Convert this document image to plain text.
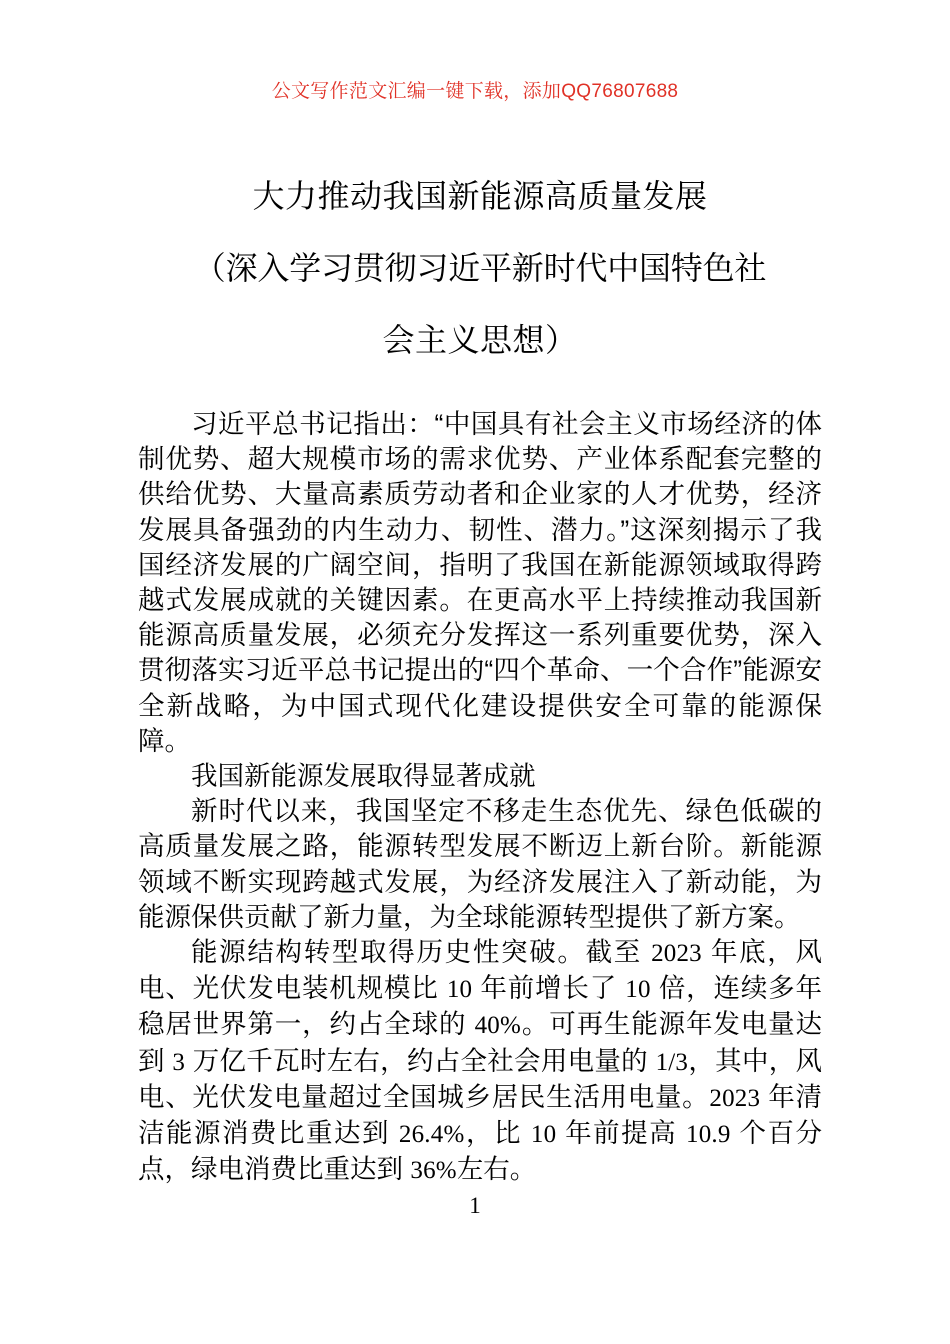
公文写作范文汇编一键下载，添加QQ76807688
大力推动我国新能源高质量发展
（深入学习贯彻习近平新时代中国特色社
会主义思想）

习近平总书记指出：“中国具有社会主义市场经济的体制优势、超大规模市场的需求优势、产业体系配套完整的供给优势、大量高素质劳动者和企业家的人才优势，经济发展具备强劲的内生动力、韧性、潜力。”这深刻揭示了我国经济发展的广阔空间，指明了我国在新能源领域取得跨越式发展成就的关键因素。在更高水平上持续推动我国新能源高质量发展，必须充分发挥这一系列重要优势，深入贯彻落实习近平总书记提出的“四个革命、一个合作”能源安全新战略，为中国式现代化建设提供安全可靠的能源保障。

我国新能源发展取得显著成就

新时代以来，我国坚定不移走生态优先、绿色低碳的高质量发展之路，能源转型发展不断迈上新台阶。新能源领域不断实现跨越式发展，为经济发展注入了新动能，为能源保供贡献了新力量，为全球能源转型提供了新方案。

能源结构转型取得历史性突破。截至 2023 年底，风电、光伏发电装机规模比 10 年前增长了 10 倍，连续多年稳居世界第一，约占全球的 40%。可再生能源年发电量达到 3 万亿千瓦时左右，约占全社会用电量的 1/3，其中，风电、光伏发电量超过全国城乡居民生活用电量。2023 年清洁能源消费比重达到 26.4%，比 10 年前提高 10.9 个百分点，绿电消费比重达到 36%左右。

1
